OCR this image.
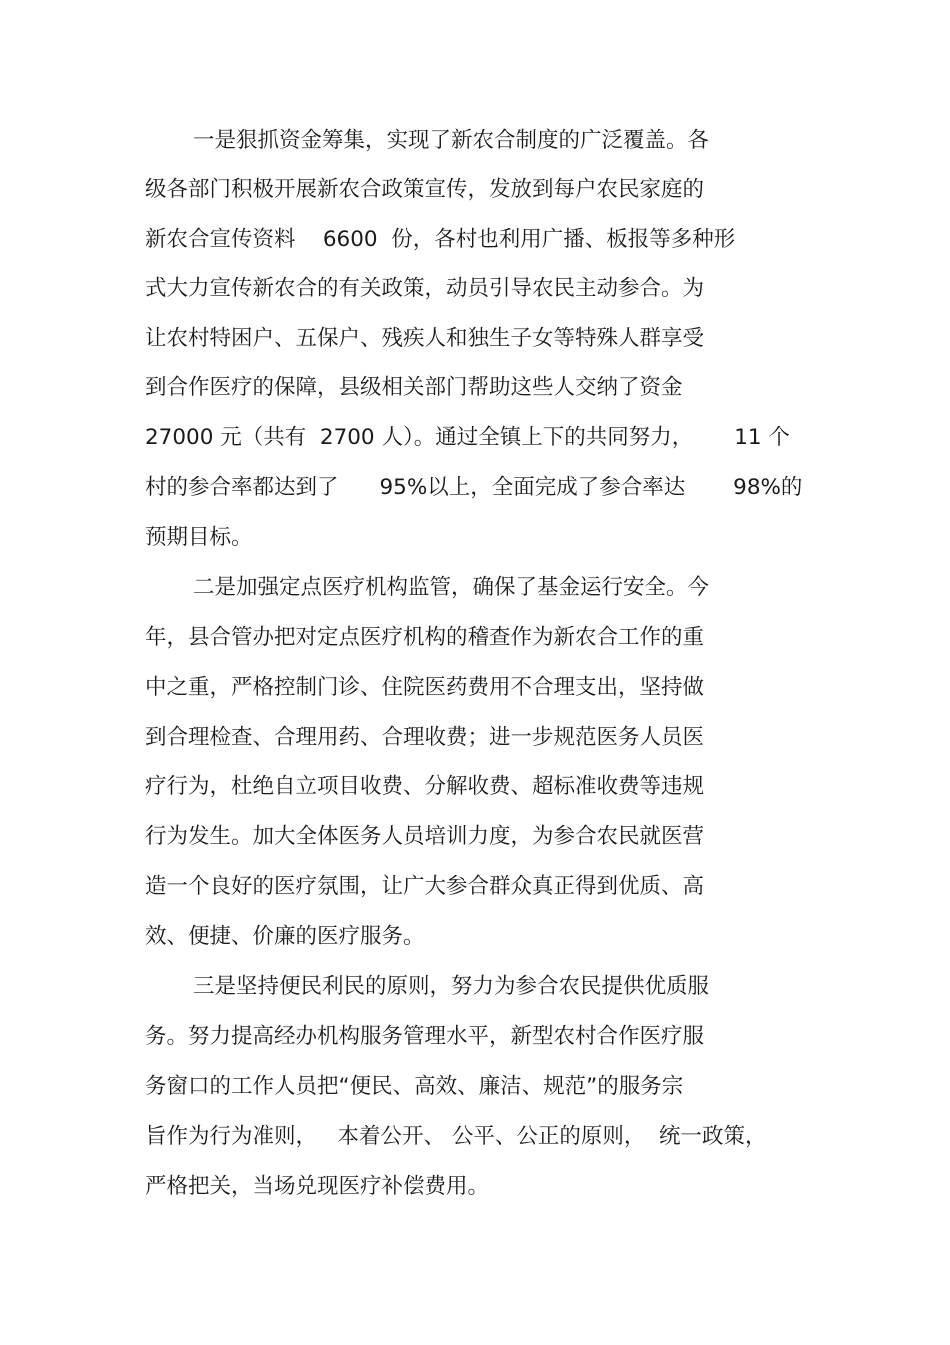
一是狠抓资金筹集，实现了新农合制度的广泛覆盖。各
级各部门积极开展新农合政策宣传，发放到每户农民家庭的
新农合宣传资料    6600  份，各村也利用广播、板报等多种形
式大力宣传新农合的有关政策，动员引导农民主动参合。为
让农村特困户、五保户、残疾人和独生子女等特殊人群享受
到合作医疗的保障，县级相关部门帮助这些人交纳了资金
27000 元（共有  2700 人）。通过全镇上下的共同努力，      11 个
村的参合率都达到了      95%以上，全面完成了参合率达       98%的
预期目标。
二是加强定点医疗机构监管，确保了基金运行安全。今
年，县合管办把对定点医疗机构的稽查作为新农合工作的重
中之重，严格控制门诊、住院医药费用不合理支出，坚持做
到合理检查、合理用药、合理收费；进一步规范医务人员医
疗行为，杜绝自立项目收费、分解收费、超标准收费等违规
行为发生。加大全体医务人员培训力度，为参合农民就医营
造一个良好的医疗氛围，让广大参合群众真正得到优质、高
效、便捷、价廉的医疗服务。
三是坚持便民利民的原则，努力为参合农民提供优质服
务。努力提高经办机构服务管理水平，新型农村合作医疗服
务窗口的工作人员把“便民、高效、廉洁、规范”的服务宗
旨作为行为准则，   本着公开、 公平、公正的原则，  统一政策，
严格把关，当场兑现医疗补偿费用。
